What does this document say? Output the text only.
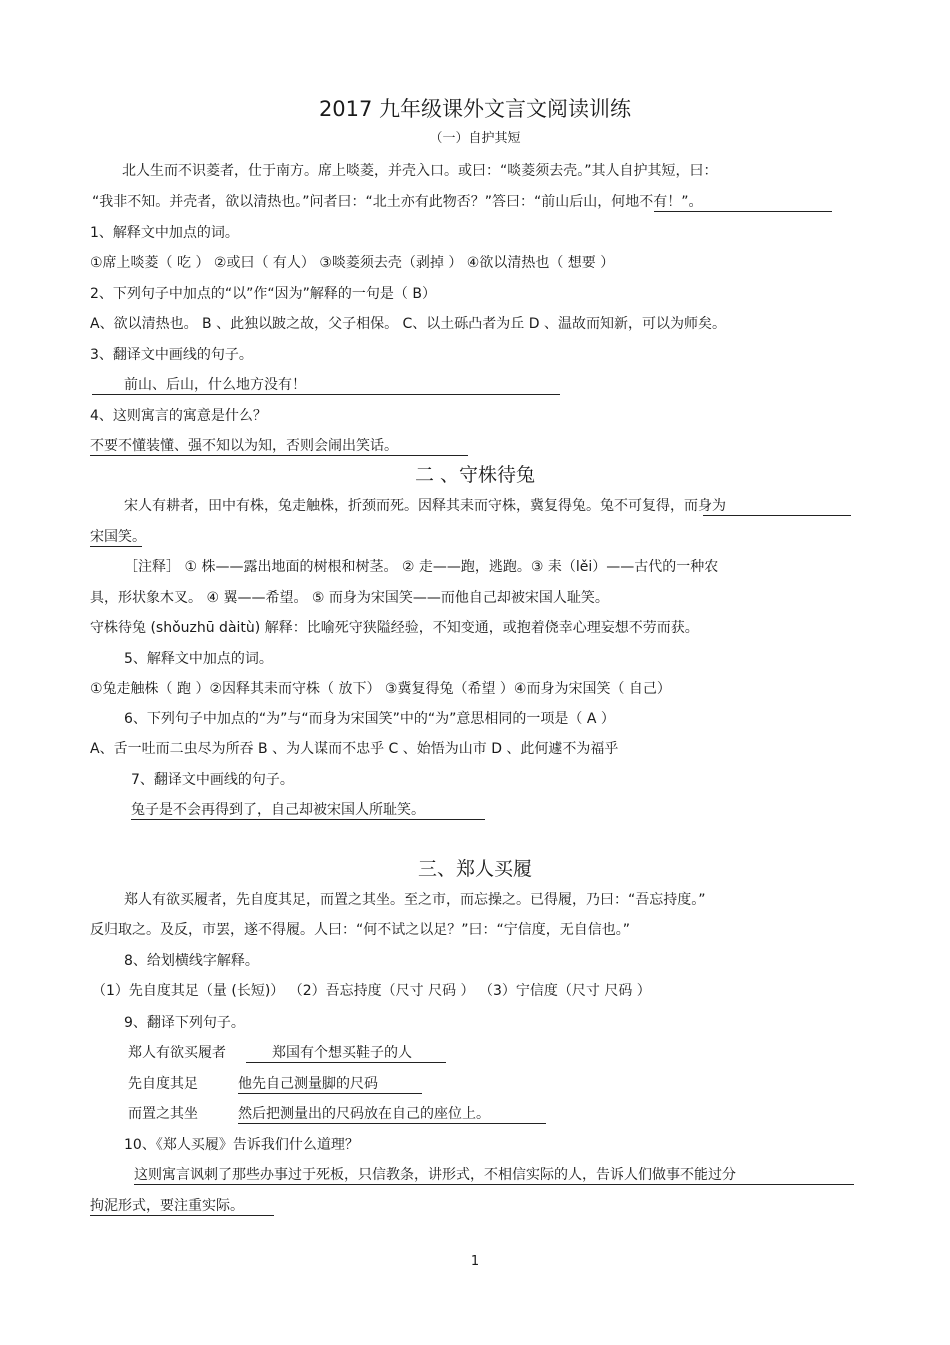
2017 九年级课外文言文阅读训练
（一）自护其短
北人生而不识菱者，仕于南方。席上啖菱，并壳入口。或曰：“啖菱须去壳。”其人自护其短，曰：
“我非不知。并壳者，欲以清热也。”问者曰：“北土亦有此物否？”答曰：“前山后山，何地不有！”。
1、解释文中加点的词。
①席上啖菱（ 吃 ） ②或曰（ 有人） ③啖菱须去壳（剥掉 ） ④欲以清热也（ 想要 ）
2、下列句子中加点的“以”作“因为”解释的一句是（ B）
A、欲以清热也。 B 、此独以跛之故，父子相保。 C、以土砾凸者为丘 D 、温故而知新，可以为师矣。
3、翻译文中画线的句子。
前山、后山，什么地方没有！
4、这则寓言的寓意是什么？
不要不懂装懂、强不知以为知，否则会闹出笑话。
二 、守株待兔
宋人有耕者，田中有株，兔走触株，折颈而死。因释其耒而守株，冀复得兔。兔不可复得，而身为
宋国笑。
［注释］ ① 株——露出地面的树根和树茎。 ② 走——跑，逃跑。③ 耒（lěi）——古代的一种农
具，形状象木叉。 ④ 翼——希望。 ⑤ 而身为宋国笑——而他自己却被宋国人耻笑。
守株待兔 (shǒuzhū dàitù) 解释：比喻死守狭隘经验，不知变通，或抱着侥幸心理妄想不劳而获。
5、解释文中加点的词。
①兔走触株（ 跑 ）②因释其耒而守株（ 放下） ③冀复得兔（希望 ）④而身为宋国笑（ 自己）
6、下列句子中加点的“为”与“而身为宋国笑”中的“为”意思相同的一项是（ A ）
A、舌一吐而二虫尽为所吞 B 、为人谋而不忠乎 C 、始悟为山市 D 、此何遽不为福乎
7、翻译文中画线的句子。
兔子是不会再得到了，自己却被宋国人所耻笑。
三、郑人买履
郑人有欲买履者，先自度其足，而置之其坐。至之市，而忘操之。已得履，乃曰：“吾忘持度。”
反归取之。及反，市罢，遂不得履。人曰：“何不试之以足？”曰：“宁信度，无自信也。”
8、给划横线字解释。
（1）先自度其足（量 (长短)） （2）吾忘持度（尺寸 尺码 ） （3）宁信度（尺寸 尺码 ）
9、翻译下列句子。
郑人有欲买履者	郑国有个想买鞋子的人
先自度其足	他先自己测量脚的尺码
而置之其坐	然后把测量出的尺码放在自己的座位上。
10、《郑人买履》告诉我们什么道理？
这则寓言讽刺了那些办事过于死板，只信教条，讲形式，不相信实际的人，告诉人们做事不能过分
拘泥形式，要注重实际。
1
